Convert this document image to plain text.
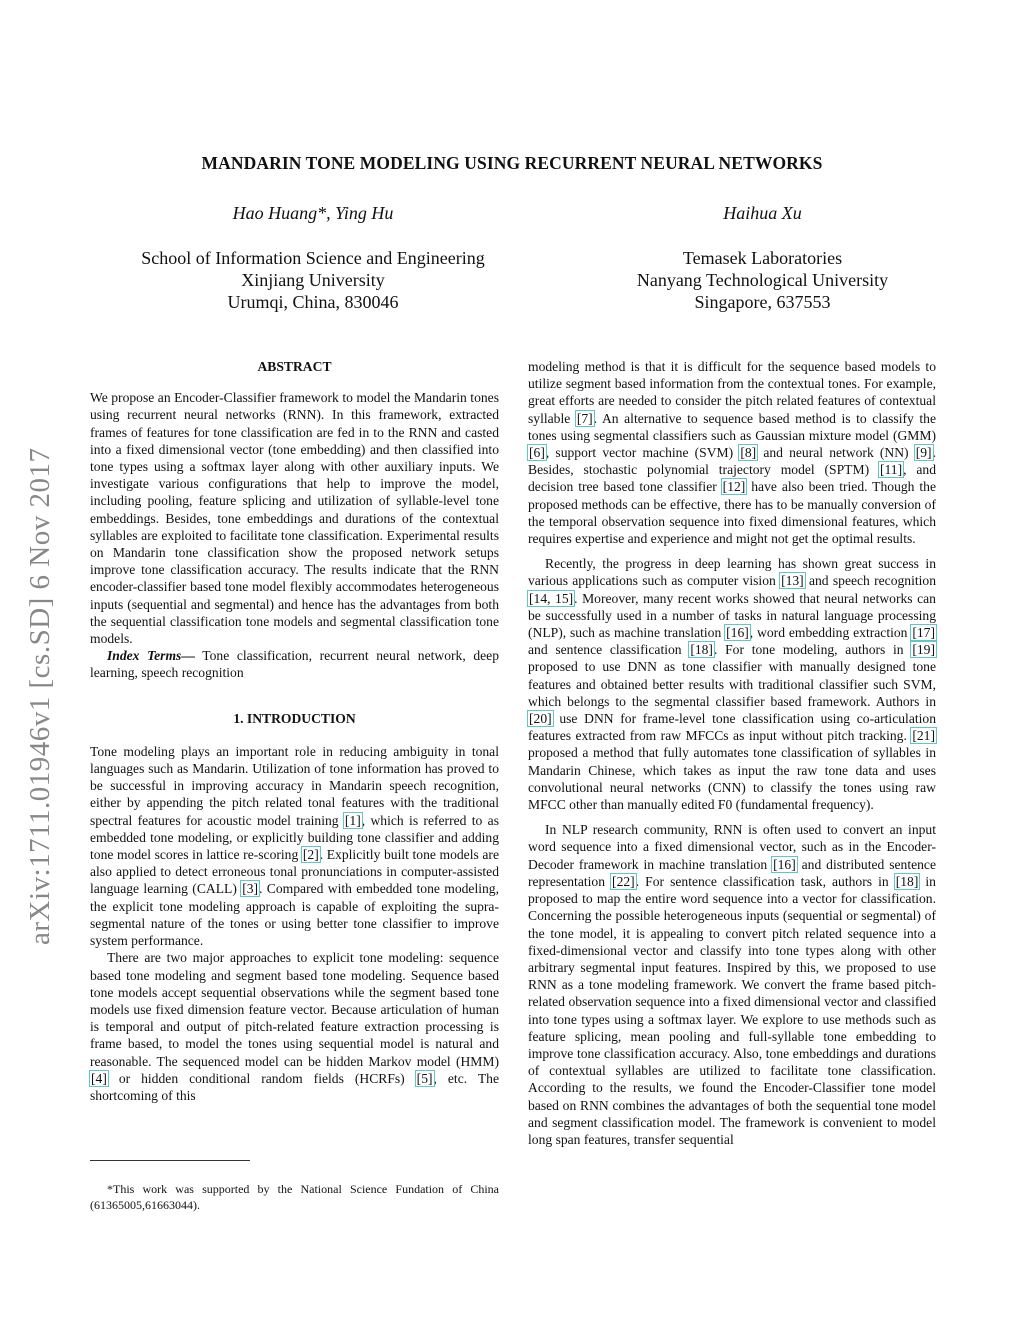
arXiv:1711.01946v1 [cs.SD] 6 Nov 2017
MANDARIN TONE MODELING USING RECURRENT NEURAL NETWORKS
Hao Huang*, Ying Hu
School of Information Science and Engineering
Xinjiang University
Urumqi, China, 830046
Haihua Xu
Temasek Laboratories
Nanyang Technological University
Singapore, 637553
ABSTRACT

We propose an Encoder-Classifier framework to model the Mandarin tones using recurrent neural networks (RNN). In this framework, extracted frames of features for tone classification are fed in to the RNN and casted into a fixed dimensional vector (tone embedding) and then classified into tone types using a softmax layer along with other auxiliary inputs. We investigate various configurations that help to improve the model, including pooling, feature splicing and utilization of syllable-level tone embeddings. Besides, tone embeddings and durations of the contextual syllables are exploited to facilitate tone classification. Experimental results on Mandarin tone classification show the proposed network setups improve tone classification accuracy. The results indicate that the RNN encoder-classifier based tone model flexibly accommodates heterogeneous inputs (sequential and segmental) and hence has the advantages from both the sequential classification tone models and segmental classification tone models.

Index Terms— Tone classification, recurrent neural network, deep learning, speech recognition

1. INTRODUCTION

Tone modeling plays an important role in reducing ambiguity in tonal languages such as Mandarin. Utilization of tone information has proved to be successful in improving accuracy in Mandarin speech recognition, either by appending the pitch related tonal features with the traditional spectral features for acoustic model training [1], which is referred to as embedded tone modeling, or explicitly building tone classifier and adding tone model scores in lattice re-scoring [2]. Explicitly built tone models are also applied to detect erroneous tonal pronunciations in computer-assisted language learning (CALL) [3]. Compared with embedded tone modeling, the explicit tone modeling approach is capable of exploiting the supra-segmental nature of the tones or using better tone classifier to improve system performance.

There are two major approaches to explicit tone modeling: sequence based tone modeling and segment based tone modeling. Sequence based tone models accept sequential observations while the segment based tone models use fixed dimension feature vector. Because articulation of human is temporal and output of pitch-related feature extraction processing is frame based, to model the tones using sequential model is natural and reasonable. The sequenced model can be hidden Markov model (HMM) [4] or hidden conditional random fields (HCRFs) [5], etc. The shortcoming of this

modeling method is that it is difficult for the sequence based models to utilize segment based information from the contextual tones. For example, great efforts are needed to consider the pitch related features of contextual syllable [7]. An alternative to sequence based method is to classify the tones using segmental classifiers such as Gaussian mixture model (GMM) [6], support vector machine (SVM) [8] and neural network (NN) [9]. Besides, stochastic polynomial trajectory model (SPTM) [11], and decision tree based tone classifier [12] have also been tried. Though the proposed methods can be effective, there has to be manually conversion of the temporal observation sequence into fixed dimensional features, which requires expertise and experience and might not get the optimal results.

Recently, the progress in deep learning has shown great success in various applications such as computer vision [13] and speech recognition [14, 15]. Moreover, many recent works showed that neural networks can be successfully used in a number of tasks in natural language processing (NLP), such as machine translation [16], word embedding extraction [17] and sentence classification [18]. For tone modeling, authors in [19] proposed to use DNN as tone classifier with manually designed tone features and obtained better results with traditional classifier such SVM, which belongs to the segmental classifier based framework. Authors in [20] use DNN for frame-level tone classification using co-articulation features extracted from raw MFCCs as input without pitch tracking. [21] proposed a method that fully automates tone classification of syllables in Mandarin Chinese, which takes as input the raw tone data and uses convolutional neural networks (CNN) to classify the tones using raw MFCC other than manually edited F0 (fundamental frequency).

In NLP research community, RNN is often used to convert an input word sequence into a fixed dimensional vector, such as in the Encoder-Decoder framework in machine translation [16] and distributed sentence representation [22]. For sentence classification task, authors in [18] in proposed to map the entire word sequence into a vector for classification. Concerning the possible heterogeneous inputs (sequential or segmental) of the tone model, it is appealing to convert pitch related sequence into a fixed-dimensional vector and classify into tone types along with other arbitrary segmental input features. Inspired by this, we proposed to use RNN as a tone modeling framework. We convert the frame based pitch-related observation sequence into a fixed dimensional vector and classified into tone types using a softmax layer. We explore to use methods such as feature splicing, mean pooling and full-syllable tone embedding to improve tone classification accuracy. Also, tone embeddings and durations of contextual syllables are utilized to facilitate tone classification. According to the results, we found the Encoder-Classifier tone model based on RNN combines the advantages of both the sequential tone model and segment classification model. The framework is convenient to model long span features, transfer sequential

*This work was supported by the National Science Fundation of China (61365005,61663044).
